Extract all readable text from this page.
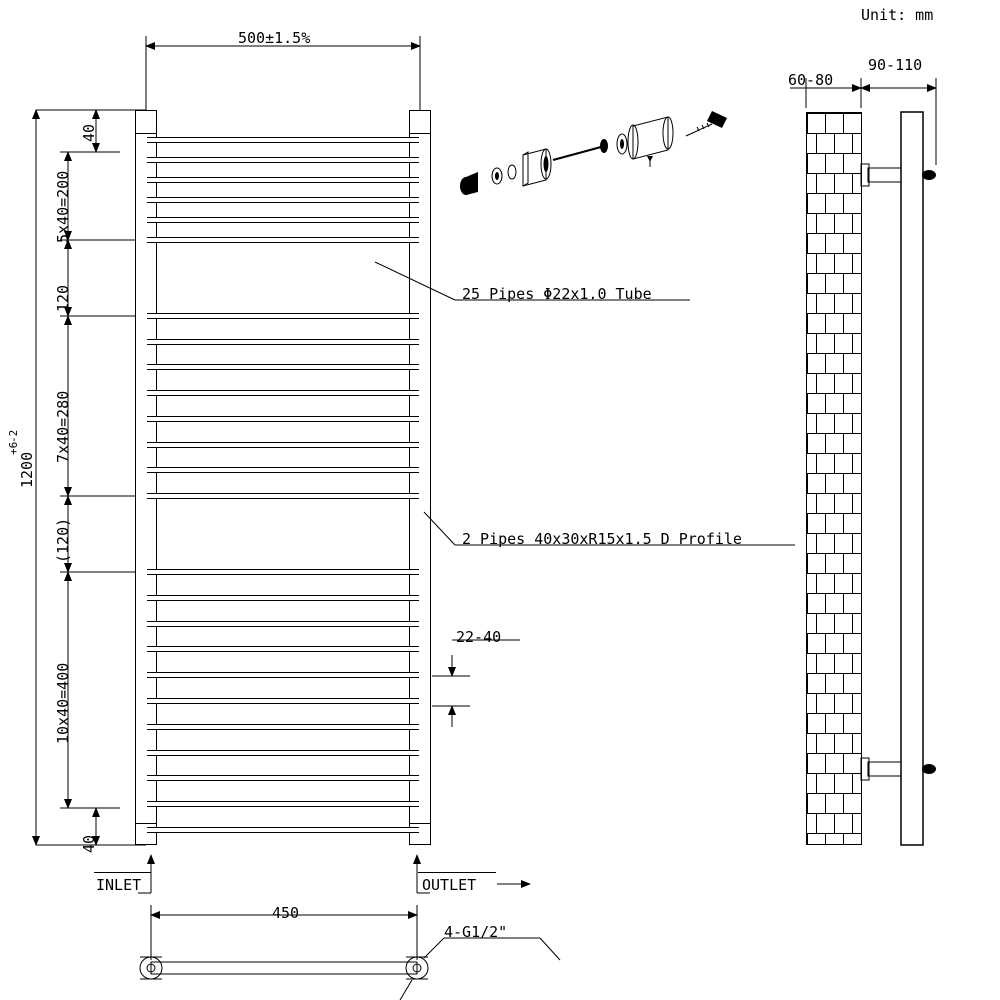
Unit: mm
500±1.5%
1200
+6
-2
40
5x40=200
120
7x40=280
(120)
10x40=400
40
22-40
25 Pipes Φ22x1.0 Tube
2 Pipes 40x30xR15x1.5 D Profile
INLET	OUTLET
450
4-G1/2"
60-80
90-110
